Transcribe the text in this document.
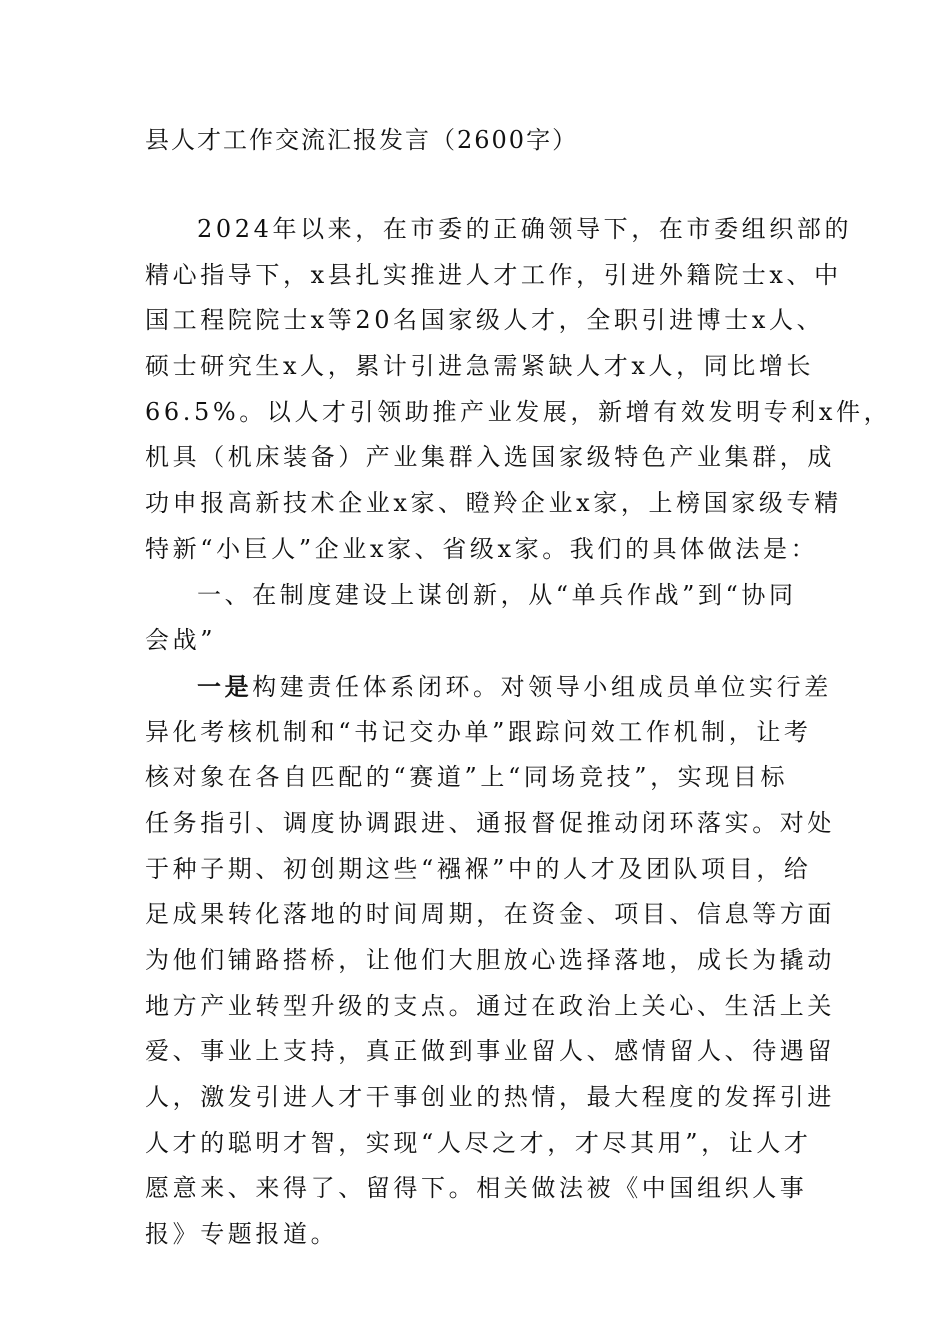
县人才工作交流汇报发言（2600字）
2024年以来，在市委的正确领导下，在市委组织部的
精心指导下，x县扎实推进人才工作，引进外籍院士x、中
国工程院院士x等20名国家级人才，全职引进博士x人、
硕士研究生x人，累计引进急需紧缺人才x人，同比增长
66.5%。以人才引领助推产业发展，新增有效发明专利x件，
机具（机床装备）产业集群入选国家级特色产业集群，成
功申报高新技术企业x家、瞪羚企业x家，上榜国家级专精
特新“小巨人”企业x家、省级x家。我们的具体做法是：
一、在制度建设上谋创新，从“单兵作战”到“协同
会战”
一是构建责任体系闭环。对领导小组成员单位实行差
异化考核机制和“书记交办单”跟踪问效工作机制，让考
核对象在各自匹配的“赛道”上“同场竞技”，实现目标
任务指引、调度协调跟进、通报督促推动闭环落实。对处
于种子期、初创期这些“襁褓”中的人才及团队项目，给
足成果转化落地的时间周期，在资金、项目、信息等方面
为他们铺路搭桥，让他们大胆放心选择落地，成长为撬动
地方产业转型升级的支点。通过在政治上关心、生活上关
爱、事业上支持，真正做到事业留人、感情留人、待遇留
人，激发引进人才干事创业的热情，最大程度的发挥引进
人才的聪明才智，实现“人尽之才，才尽其用”，让人才
愿意来、来得了、留得下。相关做法被《中国组织人事
报》专题报道。
